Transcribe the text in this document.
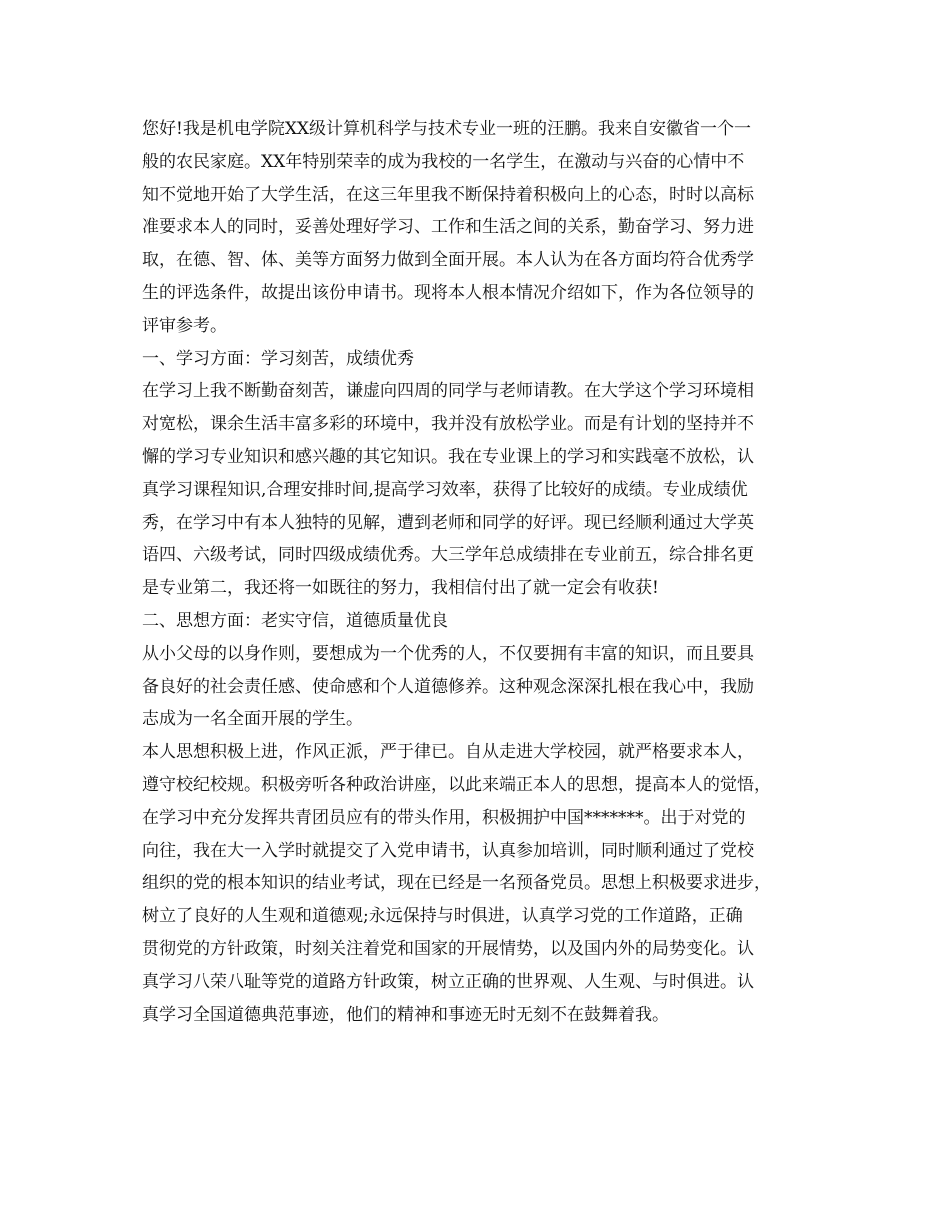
您好!我是机电学院XX级计算机科学与技术专业一班的汪鹏。我来自安徽省一个一
般的农民家庭。XX年特别荣幸的成为我校的一名学生，在激动与兴奋的心情中不
知不觉地开始了大学生活，在这三年里我不断保持着积极向上的心态，时时以高标
准要求本人的同时，妥善处理好学习、工作和生活之间的关系，勤奋学习、努力进
取，在德、智、体、美等方面努力做到全面开展。本人认为在各方面均符合优秀学
生的评选条件，故提出该份申请书。现将本人根本情况介绍如下，作为各位领导的
评审参考。
一、学习方面：学习刻苦，成绩优秀
在学习上我不断勤奋刻苦，谦虚向四周的同学与老师请教。在大学这个学习环境相
对宽松，课余生活丰富多彩的环境中，我并没有放松学业。而是有计划的坚持并不
懈的学习专业知识和感兴趣的其它知识。我在专业课上的学习和实践毫不放松，认
真学习课程知识,合理安排时间,提高学习效率，获得了比较好的成绩。专业成绩优
秀，在学习中有本人独特的见解，遭到老师和同学的好评。现已经顺利通过大学英
语四、六级考试，同时四级成绩优秀。大三学年总成绩排在专业前五，综合排名更
是专业第二，我还将一如既往的努力，我相信付出了就一定会有收获!
二、思想方面：老实守信，道德质量优良
从小父母的以身作则，要想成为一个优秀的人，不仅要拥有丰富的知识，而且要具
备良好的社会责任感、使命感和个人道德修养。这种观念深深扎根在我心中，我励
志成为一名全面开展的学生。
本人思想积极上进，作风正派，严于律已。自从走进大学校园，就严格要求本人，
遵守校纪校规。积极旁听各种政治讲座，以此来端正本人的思想，提高本人的觉悟，
在学习中充分发挥共青团员应有的带头作用，积极拥护中国*******。出于对党的
向往，我在大一入学时就提交了入党申请书，认真参加培训，同时顺利通过了党校
组织的党的根本知识的结业考试，现在已经是一名预备党员。思想上积极要求进步，
树立了良好的人生观和道德观;永远保持与时俱进，认真学习党的工作道路，正确
贯彻党的方针政策，时刻关注着党和国家的开展情势，以及国内外的局势变化。认
真学习八荣八耻等党的道路方针政策，树立正确的世界观、人生观、与时俱进。认
真学习全国道德典范事迹，他们的精神和事迹无时无刻不在鼓舞着我。
